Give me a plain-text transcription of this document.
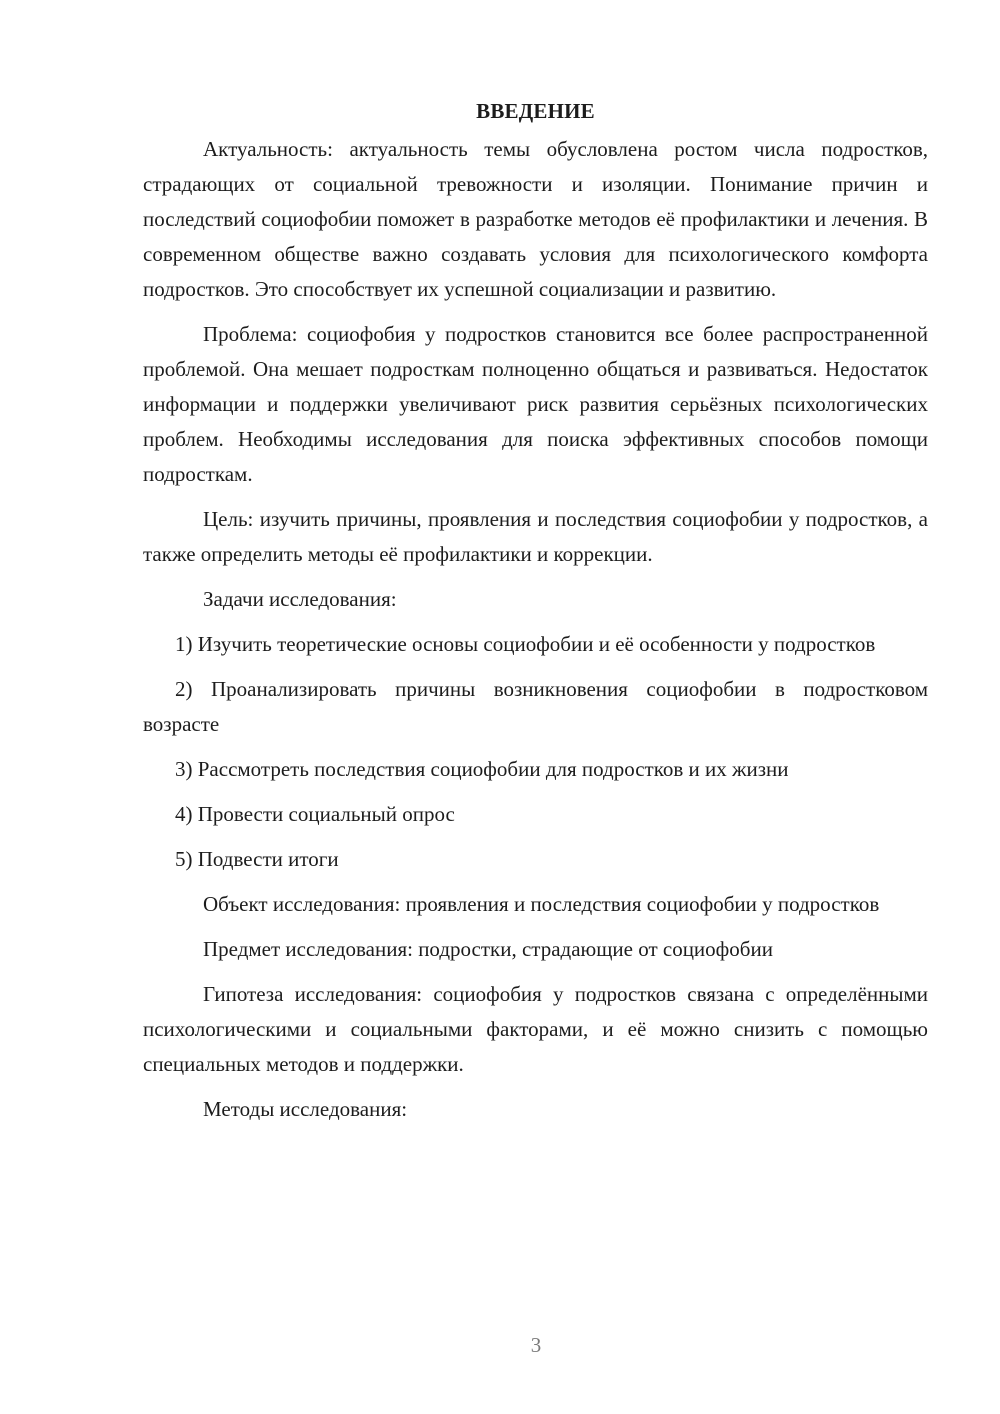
ВВЕДЕНИЕ

Актуальность: актуальность темы обусловлена ростом числа подростков, страдающих от социальной тревожности и изоляции. Понимание причин и последствий социофобии поможет в разработке методов её профилактики и лечения. В современном обществе важно создавать условия для психологического комфорта подростков. Это способствует их успешной социализации и развитию.

Проблема: социофобия у подростков становится все более распространенной проблемой. Она мешает подросткам полноценно общаться и развиваться. Недостаток информации и поддержки увеличивают риск развития серьёзных психологических проблем. Необходимы исследования для поиска эффективных способов помощи подросткам.

Цель: изучить причины, проявления и последствия социофобии у подростков, а также определить методы её профилактики и коррекции.

Задачи исследования:

1) Изучить теоретические основы социофобии и её особенности у подростков

2) Проанализировать причины возникновения социофобии в подростковом возрасте

3) Рассмотреть последствия социофобии для подростков и их жизни

4) Провести социальный опрос

5) Подвести итоги

Объект исследования: проявления и последствия социофобии у подростков

Предмет исследования: подростки, страдающие от социофобии

Гипотеза исследования: социофобия у подростков связана с определёнными психологическими и социальными факторами, и её можно снизить с помощью специальных методов и поддержки.

Методы исследования:

3
